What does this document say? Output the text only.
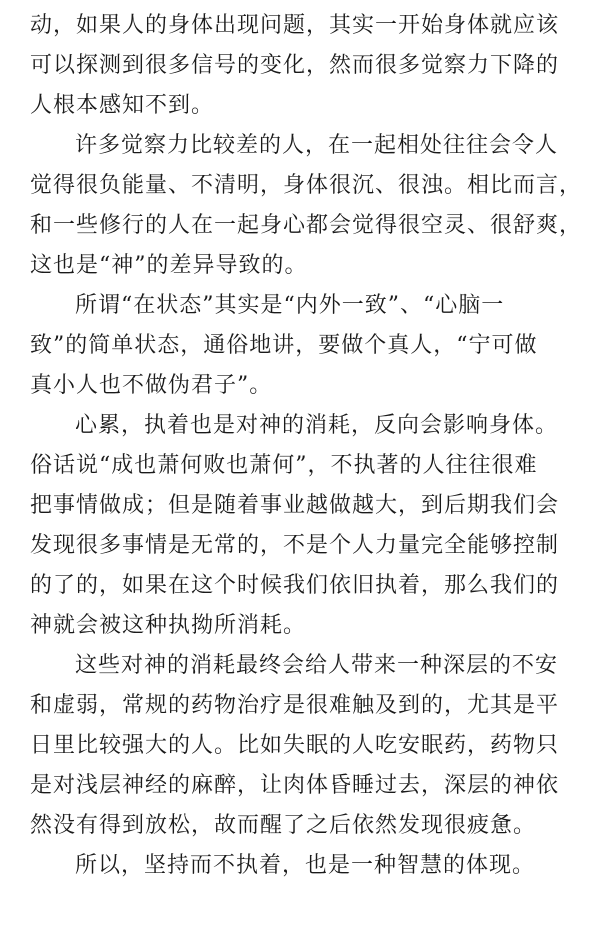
动，如果人的身体出现问题，其实一开始身体就应该
可以探测到很多信号的变化，然而很多觉察力下降的
人根本感知不到。
许多觉察力比较差的人，在一起相处往往会令人
觉得很负能量、不清明，身体很沉、很浊。相比而言，
和一些修行的人在一起身心都会觉得很空灵、很舒爽，
这也是“神”的差异导致的。
所谓“在状态”其实是“内外一致”、“心脑一
致”的简单状态，通俗地讲，要做个真人，“宁可做
真小人也不做伪君子”。
心累，执着也是对神的消耗，反向会影响身体。
俗话说“成也萧何败也萧何”，不执著的人往往很难
把事情做成；但是随着事业越做越大，到后期我们会
发现很多事情是无常的，不是个人力量完全能够控制
的了的，如果在这个时候我们依旧执着，那么我们的
神就会被这种执拗所消耗。
这些对神的消耗最终会给人带来一种深层的不安
和虚弱，常规的药物治疗是很难触及到的，尤其是平
日里比较强大的人。比如失眠的人吃安眠药，药物只
是对浅层神经的麻醉，让肉体昏睡过去，深层的神依
然没有得到放松，故而醒了之后依然发现很疲惫。
所以，坚持而不执着，也是一种智慧的体现。
